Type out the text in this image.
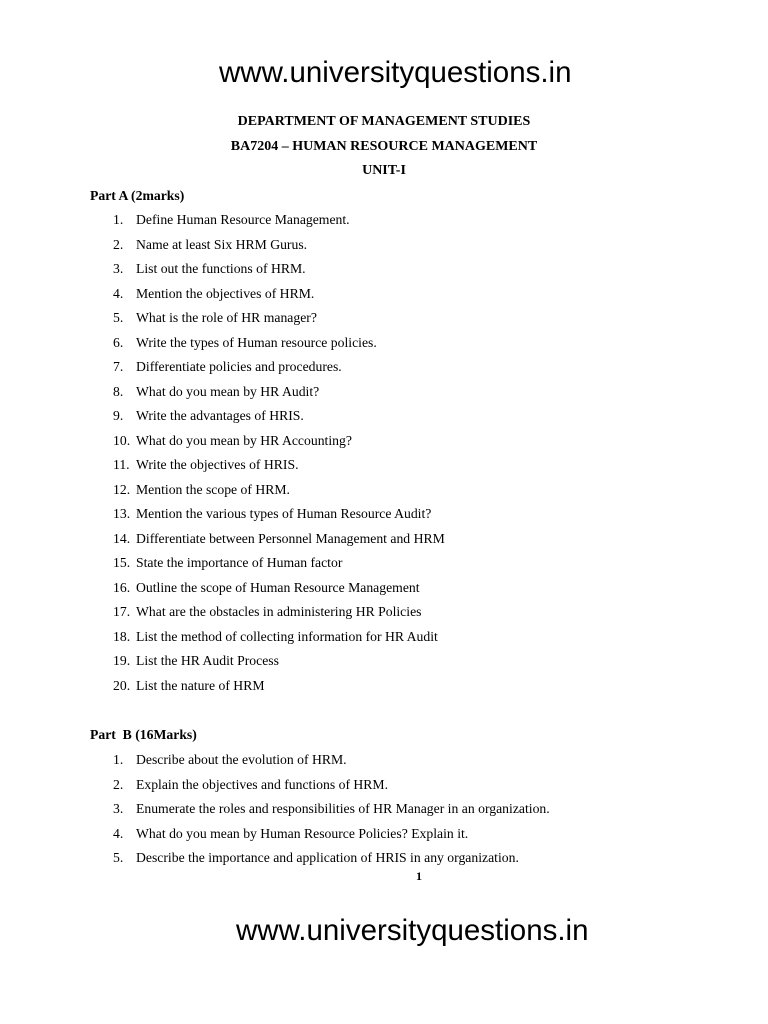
www.universityquestions.in
DEPARTMENT OF MANAGEMENT STUDIES
BA7204 – HUMAN RESOURCE MANAGEMENT
UNIT-I
Part A (2marks)
1. Define Human Resource Management.
2. Name at least Six HRM Gurus.
3. List out the functions of HRM.
4. Mention the objectives of HRM.
5. What is the role of HR manager?
6. Write the types of Human resource policies.
7. Differentiate policies and procedures.
8. What do you mean by HR Audit?
9. Write the advantages of HRIS.
10. What do you mean by HR Accounting?
11. Write the objectives of HRIS.
12. Mention the scope of HRM.
13. Mention the various types of Human Resource Audit?
14. Differentiate between Personnel Management and HRM
15. State the importance of Human factor
16. Outline the scope of Human Resource Management
17. What are the obstacles in administering HR Policies
18. List the method of collecting information for HR Audit
19. List the HR Audit Process
20. List the nature of HRM
Part  B (16Marks)
1. Describe about the evolution of HRM.
2. Explain the objectives and functions of HRM.
3. Enumerate the roles and responsibilities of HR Manager in an organization.
4. What do you mean by Human Resource Policies? Explain it.
5. Describe the importance and application of HRIS in any organization.
1
www.universityquestions.in
